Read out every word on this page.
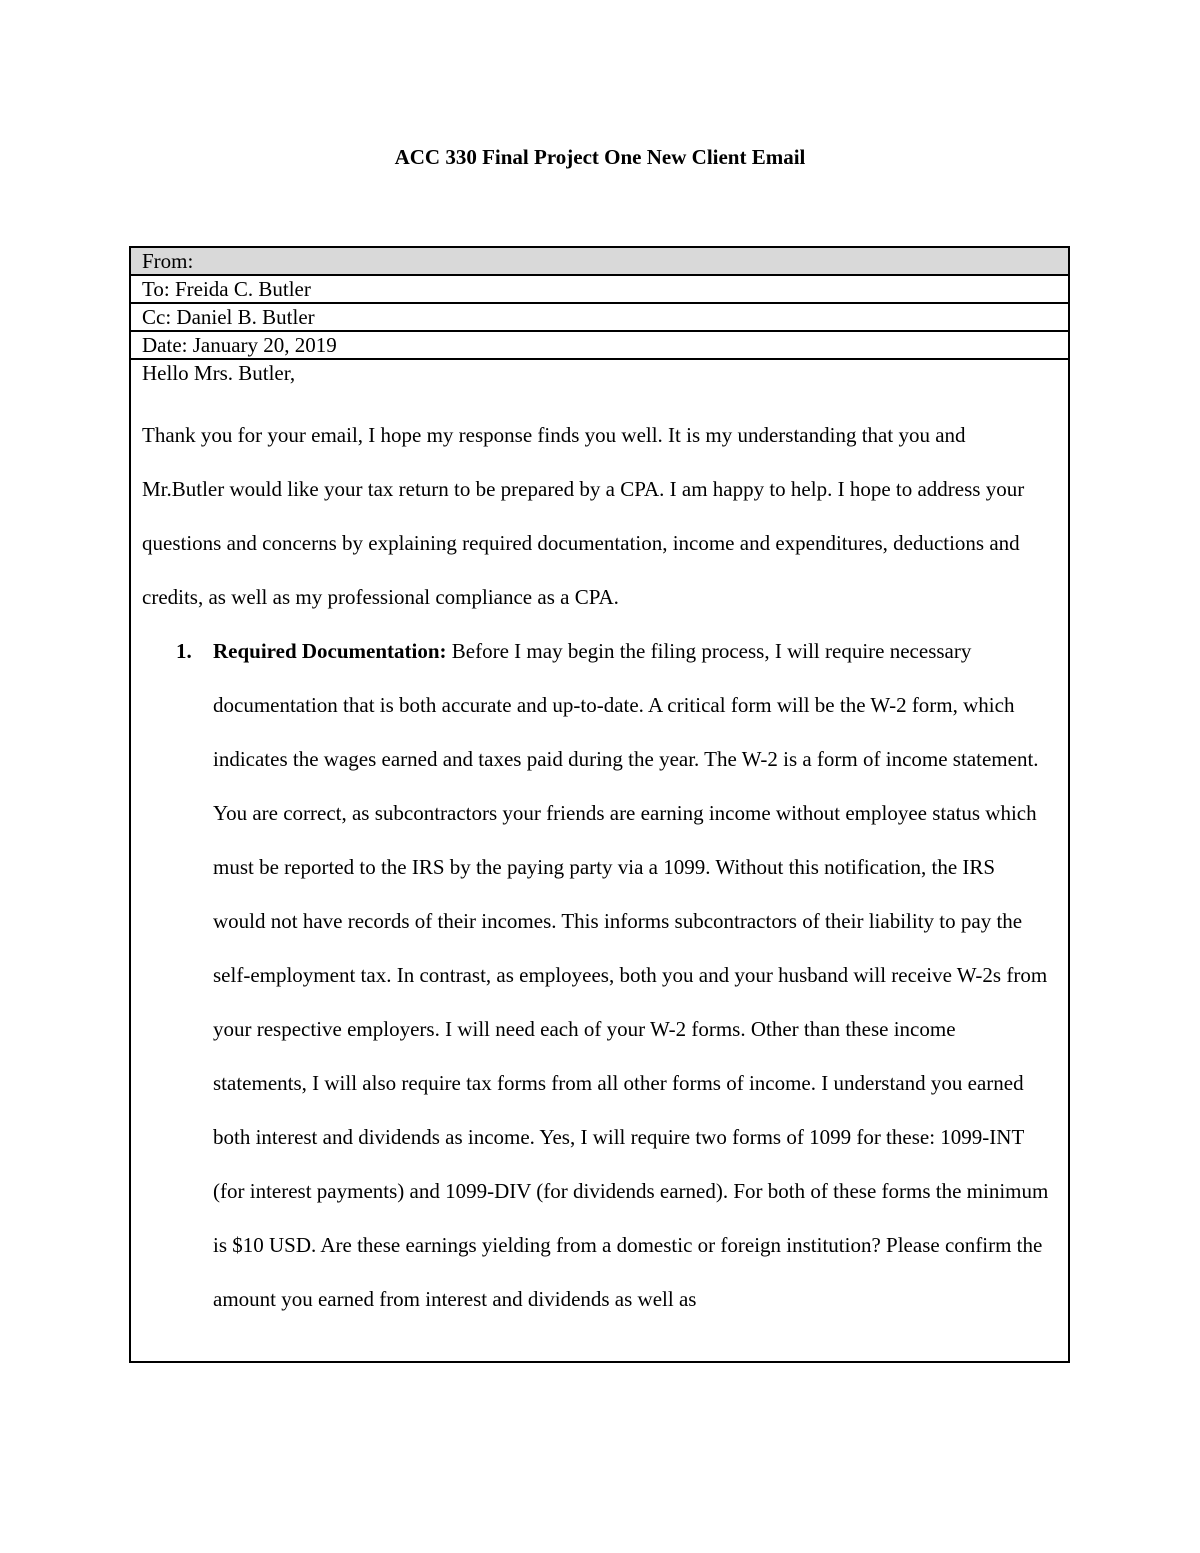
ACC 330 Final Project One New Client Email
From:
To: Freida C. Butler
Cc: Daniel B. Butler
Date: January 20, 2019

Hello Mrs. Butler,

Thank you for your email, I hope my response finds you well. It is my understanding that you and Mr.Butler would like your tax return to be prepared by a CPA. I am happy to help. I hope to address your questions and concerns by explaining required documentation, income and expenditures, deductions and credits, as well as my professional compliance as a CPA.

1. Required Documentation: Before I may begin the filing process, I will require necessary documentation that is both accurate and up-to-date. A critical form will be the W-2 form, which indicates the wages earned and taxes paid during the year. The W-2 is a form of income statement. You are correct, as subcontractors your friends are earning income without employee status which must be reported to the IRS by the paying party via a 1099. Without this notification, the IRS would not have records of their incomes. This informs subcontractors of their liability to pay the self-employment tax. In contrast, as employees, both you and your husband will receive W-2s from your respective employers. I will need each of your W-2 forms. Other than these income statements, I will also require tax forms from all other forms of income. I understand you earned both interest and dividends as income. Yes, I will require two forms of 1099 for these: 1099-INT (for interest payments) and 1099-DIV (for dividends earned). For both of these forms the minimum is $10 USD. Are these earnings yielding from a domestic or foreign institution? Please confirm the amount you earned from interest and dividends as well as
